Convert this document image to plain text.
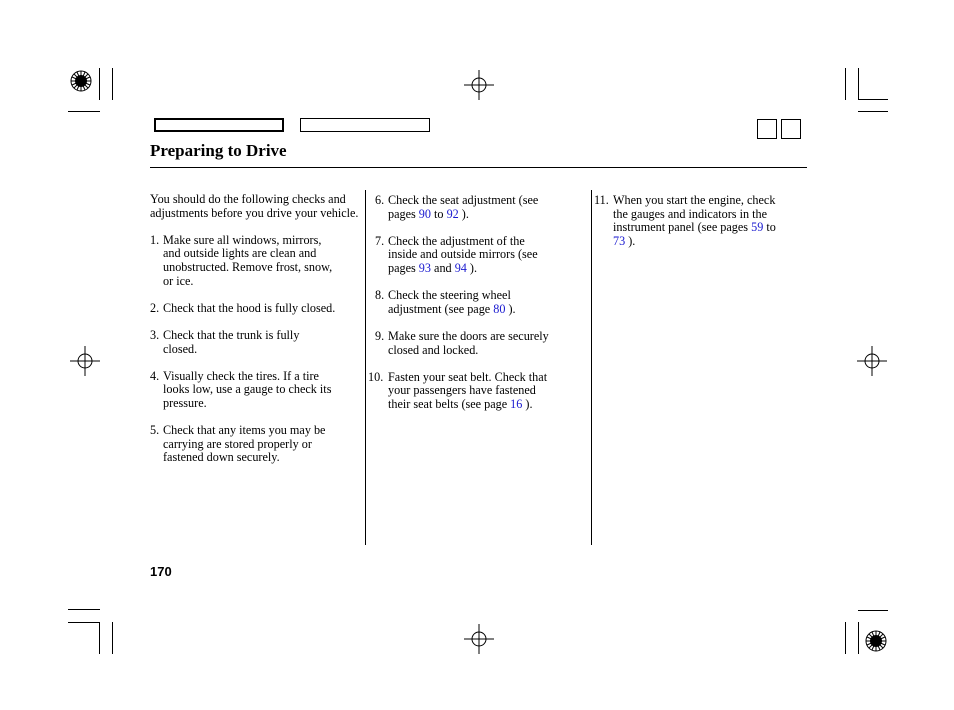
Preparing to Drive

You should do the following checks and adjustments before you drive your vehicle.

1. Make sure all windows, mirrors,
and outside lights are clean and
unobstructed. Remove frost, snow,
or ice.
2. Check that the hood is fully closed.
3. Check that the trunk is fully
closed.
4. Visually check the tires. If a tire
looks low, use a gauge to check its
pressure.
5. Check that any items you may be
carrying are stored properly or
fastened down securely.
6. Check the seat adjustment (see
pages 90 to 92 ).
7. Check the adjustment of the
inside and outside mirrors (see
pages 93 and 94 ).
8. Check the steering wheel
adjustment (see page 80 ).
9. Make sure the doors are securely
closed and locked.
10. Fasten your seat belt. Check that
your passengers have fastened
their seat belts (see page 16 ).
11. When you start the engine, check
the gauges and indicators in the
instrument panel (see pages 59 to
73 ).
170
